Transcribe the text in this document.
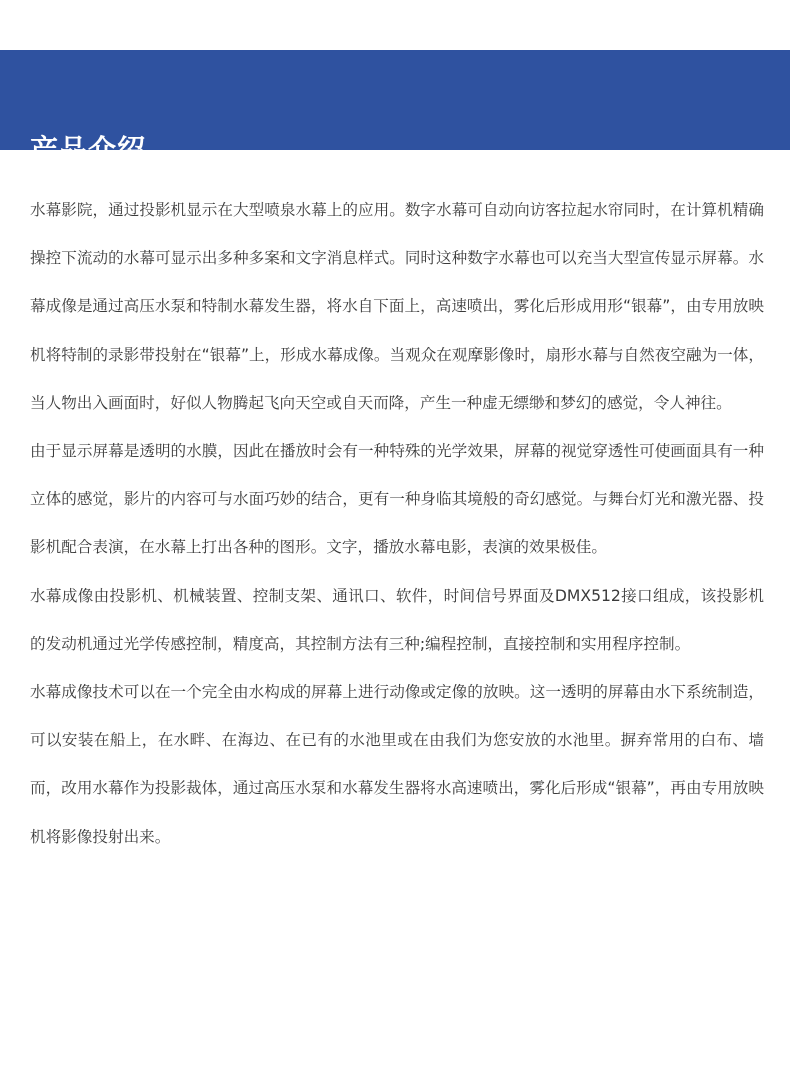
产品介绍

水幕影院，通过投影机显示在大型喷泉水幕上的应用。数字水幕可自动向访客拉起水帘同时，在计算机精确操控下流动的水幕可显示出多种多案和文字消息样式。同时这种数字水幕也可以充当大型宣传显示屏幕。水幕成像是通过高压水泵和特制水幕发生器，将水自下面上，高速喷出，雾化后形成用形“银幕”，由专用放映机将特制的录影带投射在“银幕”上，形成水幕成像。当观众在观摩影像时，扇形水幕与自然夜空融为一体，当人物出入画面时，好似人物腾起飞向天空或自天而降，产生一种虚无缥缈和梦幻的感觉，令人神往。

由于显示屏幕是透明的水膜，因此在播放时会有一种特殊的光学效果，屏幕的视觉穿透性可使画面具有一种立体的感觉，影片的内容可与水面巧妙的结合，更有一种身临其境般的奇幻感觉。与舞台灯光和激光器、投影机配合表演，在水幕上打出各种的图形。文字，播放水幕电影，表演的效果极佳。

水幕成像由投影机、机械装置、控制支架、通讯口、软件，时间信号界面及DMX512接口组成，该投影机的发动机通过光学传感控制，精度高，其控制方法有三种;编程控制，直接控制和实用程序控制。

水幕成像技术可以在一个完全由水构成的屏幕上进行动像或定像的放映。这一透明的屏幕由水下系统制造，可以安装在船上，在水畔、在海边、在已有的水池里或在由我们为您安放的水池里。摒弃常用的白布、墙而，改用水幕作为投影裁体，通过高压水泵和水幕发生器将水高速喷出，雾化后形成“银幕”，再由专用放映机将影像投射出来。
